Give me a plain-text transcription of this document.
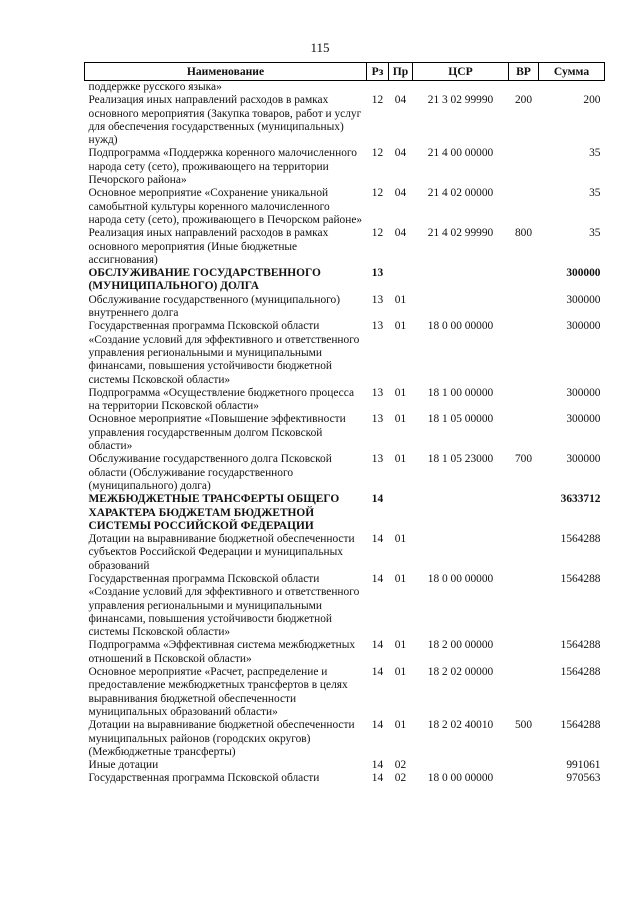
115
Наименование	Рз	Пр	ЦСР	ВР	Сумма
поддержке русского языка»					
Реализация иных направлений расходов в рамках основного мероприятия (Закупка товаров, работ и услуг для обеспечения государственных (муниципальных) нужд)	12	04	21 3 02 99990	200	200
Подпрограмма «Поддержка коренного малочисленного народа сету (сето), проживающего на территории Печорского района»	12	04	21 4 00 00000		35
Основное мероприятие «Сохранение уникальной самобытной культуры коренного малочисленного народа сету (сето), проживающего в Печорском районе»	12	04	21 4 02 00000		35
Реализация иных направлений расходов в рамках основного мероприятия (Иные бюджетные ассигнования)	12	04	21 4 02 99990	800	35
ОБСЛУЖИВАНИЕ ГОСУДАРСТВЕННОГО (МУНИЦИПАЛЬНОГО) ДОЛГА	13				300000
Обслуживание государственного (муниципального) внутреннего долга	13	01			300000
Государственная программа Псковской области «Создание условий для эффективного и ответственного управления региональными и муниципальными финансами, повышения устойчивости бюджетной системы Псковской области»	13	01	18 0 00 00000		300000
Подпрограмма «Осуществление бюджетного процесса на территории Псковской области»	13	01	18 1 00 00000		300000
Основное мероприятие «Повышение эффективности управления государственным долгом Псковской области»	13	01	18 1 05 00000		300000
Обслуживание государственного долга Псковской области (Обслуживание государственного (муниципального) долга)	13	01	18 1 05 23000	700	300000
МЕЖБЮДЖЕТНЫЕ ТРАНСФЕРТЫ ОБЩЕГО ХАРАКТЕРА БЮДЖЕТАМ БЮДЖЕТНОЙ СИСТЕМЫ РОССИЙСКОЙ ФЕДЕРАЦИИ	14				3633712
Дотации на выравнивание бюджетной обеспеченности субъектов Российской Федерации и муниципальных образований	14	01			1564288
Государственная программа Псковской области «Создание условий для эффективного и ответственного управления региональными и муниципальными финансами, повышения устойчивости бюджетной системы Псковской области»	14	01	18 0 00 00000		1564288
Подпрограмма «Эффективная система межбюджетных отношений в Псковской области»	14	01	18 2 00 00000		1564288
Основное мероприятие «Расчет, распределение и предоставление межбюджетных трансфертов в целях выравнивания бюджетной обеспеченности муниципальных образований области»	14	01	18 2 02 00000		1564288
Дотации на выравнивание бюджетной обеспеченности муниципальных районов (городских округов) (Межбюджетные трансферты)	14	01	18 2 02 40010	500	1564288
Иные дотации	14	02			991061
Государственная программа Псковской области	14	02	18 0 00 00000		970563
